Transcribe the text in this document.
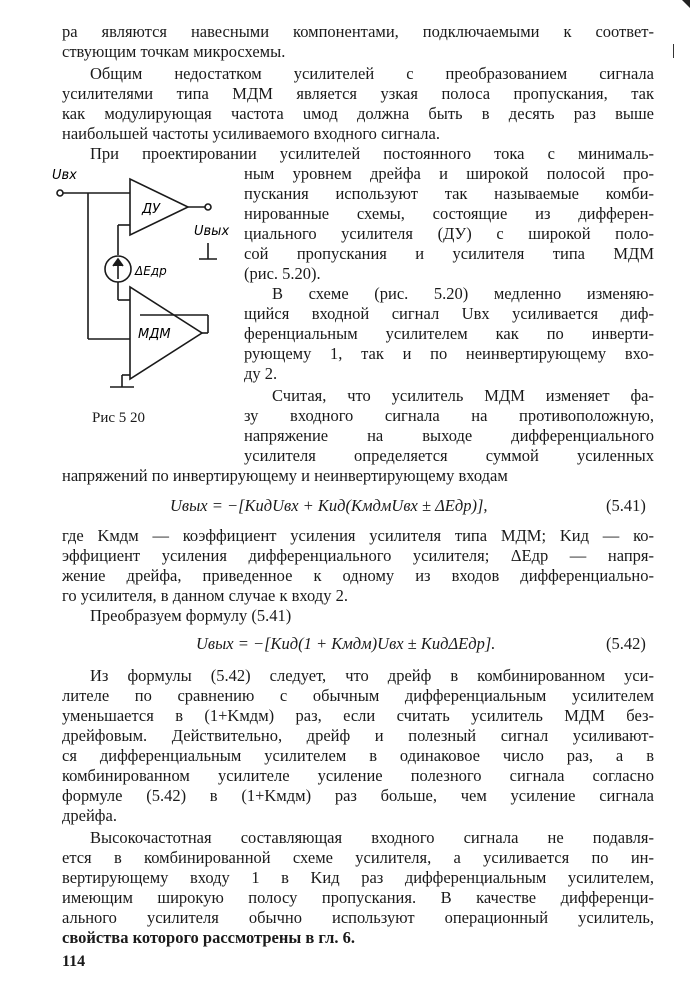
ра являются навесными компонентами, подключаемыми к соответ-

ствующим точкам микросхемы.

Общим недостатком усилителей с преобразованием сигнала

усилителями типа МДМ является узкая полоса пропускания, так

как модулирующая частота uмод должна быть в десять раз выше

наибольшей частоты усиливаемого входного сигнала.

При проектировании усилителей постоянного тока с минималь-

Uвх
ДУ
Uвых
ΔEдр
МДМ
Рис 5 20

ным уровнем дрейфа и широкой полосой про-

пускания используют так называемые комби-

нированные схемы, состоящие из дифферен-

циального усилителя (ДУ) с широкой поло-

сой пропускания и усилителя типа МДМ

(рис. 5.20).

В схеме (рис. 5.20) медленно изменяю-

щийся входной сигнал Uвх усиливается диф-

ференциальным усилителем как по инверти-

рующему 1, так и по неинвертирующему вхо-

ду 2.

Считая, что усилитель МДМ изменяет фа-

зу входного сигнала на противоположную,

напряжение на выходе дифференциального

усилителя определяется суммой усиленных

напряжений по инвертирующему и неинвертирующему входам

Uвых = −[KидUвх + Kид(KмдмUвх ± ΔEдр)],	(5.41)

где Kмдм — коэффициент усиления усилителя типа МДМ; Kид — ко-

эффициент усиления дифференциального усилителя; ΔEдр — напря-

жение дрейфа, приведенное к одному из входов дифференциально-

го усилителя, в данном случае к входу 2.

Преобразуем формулу (5.41)

Uвых = −[Kид(1 + Kмдм)Uвх ± KидΔEдр].	(5.42)

Из формулы (5.42) следует, что дрейф в комбинированном уси-

лителе по сравнению с обычным дифференциальным усилителем

уменьшается в (1+Kмдм) раз, если считать усилитель МДМ без-

дрейфовым. Действительно, дрейф и полезный сигнал усиливают-

ся дифференциальным усилителем в одинаковое число раз, а в

комбинированном усилителе усиление полезного сигнала согласно

формуле (5.42) в (1+Kмдм) раз больше, чем усиление сигнала

дрейфа.

Высокочастотная составляющая входного сигнала не подавля-

ется в комбинированной схеме усилителя, а усиливается по ин-

вертирующему входу 1 в Kид раз дифференциальным усилителем,

имеющим широкую полосу пропускания. В качестве дифференци-

ального усилителя обычно используют операционный усилитель,

свойства которого рассмотрены в гл. 6.

114
